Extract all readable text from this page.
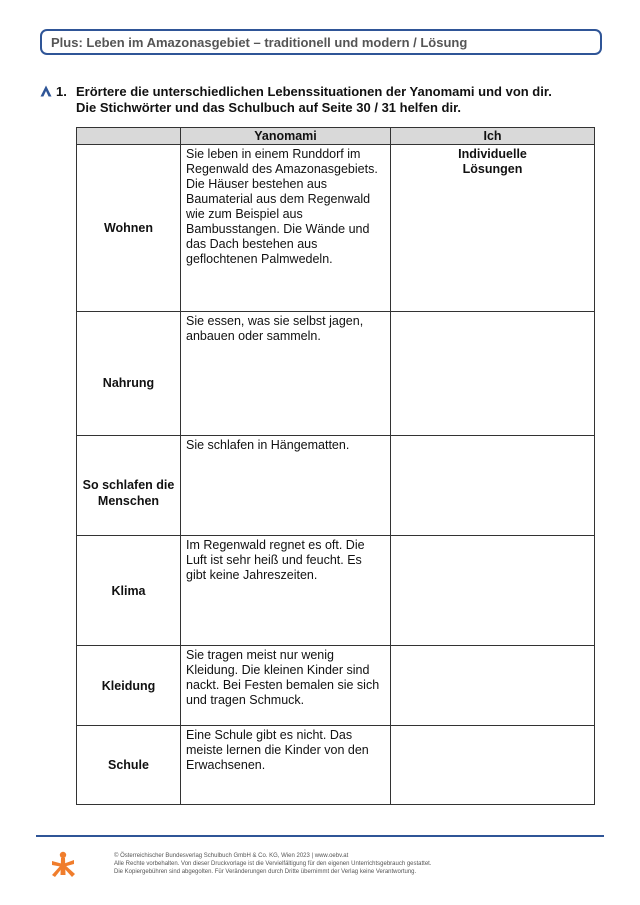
Plus: Leben im Amazonasgebiet – traditionell und modern / Lösung
1. Erörtere die unterschiedlichen Lebenssituationen der Yanomami und von dir.
Die Stichwörter und das Schulbuch auf Seite 30 / 31 helfen dir.
	Yanomami	Ich
Wohnen	Sie leben in einem Runddorf im Regenwald des Amazonasgebiets. Die Häuser bestehen aus Baumaterial aus dem Regenwald wie zum Beispiel aus Bambusstangen. Die Wände und das Dach bestehen aus geflochtenen Palmwedeln.	Individuelle Lösungen

Nahrung	Sie essen, was sie selbst jagen, anbauen oder sammeln.	

So schlafen die Menschen	Sie schlafen in Hängematten.	
Klima	Im Regenwald regnet es oft. Die Luft ist sehr heiß und feucht. Es gibt keine Jahreszeiten.	
Kleidung	Sie tragen meist nur wenig Kleidung. Die kleinen Kinder sind nackt. Bei Festen bemalen sie sich und tragen Schmuck.	
Schule	Eine Schule gibt es nicht. Das meiste lernen die Kinder von den Erwachsenen.	
© Österreichischer Bundesverlag Schulbuch GmbH & Co. KG, Wien 2023 | www.oebv.at
Alle Rechte vorbehalten. Von dieser Druckvorlage ist die Vervielfältigung für den eigenen Unterrichtsgebrauch gestattet.
Die Kopiergebühren sind abgegolten. Für Veränderungen durch Dritte übernimmt der Verlag keine Verantwortung.
